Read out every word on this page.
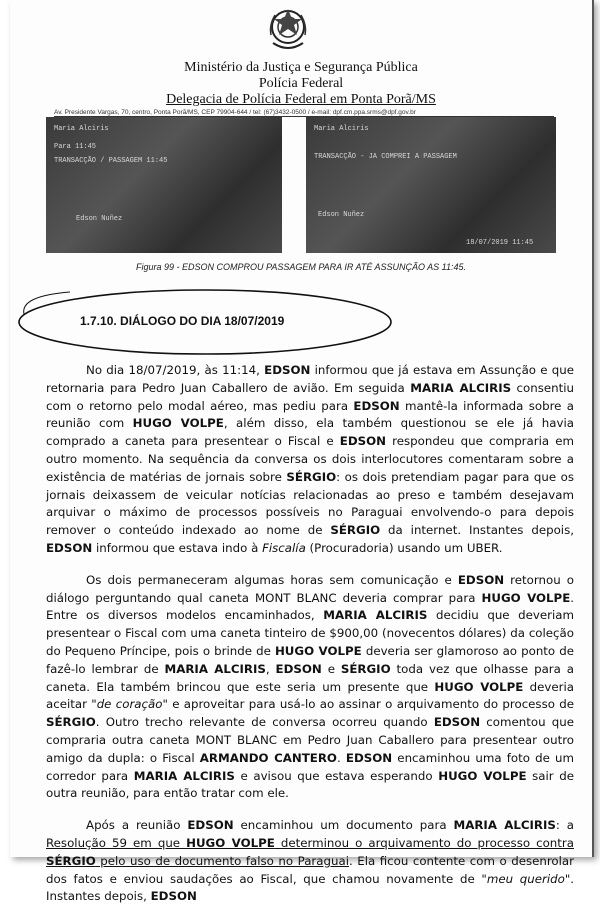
Ministério da Justiça e Segurança Pública
Polícia Federal
Delegacia de Polícia Federal em Ponta Porã/MS
Av. Presidente Vargas, 70, centro, Ponta Porã/MS, CEP 79904-644 / tel: (67)3432-0500 / e-mail: dpf.cm.ppa.srms@dpf.gov.br
Maria Alciris
Para 11:45
TRANSACÇÃO / PASSAGEM 11:45
Edson Nuñez
Maria Alciris
TRANSACÇÃO - JA COMPREI A PASSAGEM
Edson Nuñez
18/07/2019 11:45
Figura 99 - EDSON COMPROU PASSAGEM PARA IR ATÉ ASSUNÇÃO AS 11:45.
1.7.10. DIÁLOGO DO DIA 18/07/2019

No dia 18/07/2019, às 11:14, EDSON informou que já estava em Assunção e que retornaria para Pedro Juan Caballero de avião. Em seguida MARIA ALCIRIS consentiu com o retorno pelo modal aéreo, mas pediu para EDSON mantê-la informada sobre a reunião com HUGO VOLPE, além disso, ela também questionou se ele já havia comprado a caneta para presentear o Fiscal e EDSON respondeu que compraria em outro momento. Na sequência da conversa os dois interlocutores comentaram sobre a existência de matérias de jornais sobre SÉRGIO: os dois pretendiam pagar para que os jornais deixassem de veicular notícias relacionadas ao preso e também desejavam arquivar o máximo de processos possíveis no Paraguai envolvendo-o para depois remover o conteúdo indexado ao nome de SÉRGIO da internet. Instantes depois, EDSON informou que estava indo à Fiscalía (Procuradoria) usando um UBER.

Os dois permaneceram algumas horas sem comunicação e EDSON retornou o diálogo perguntando qual caneta MONT BLANC deveria comprar para HUGO VOLPE. Entre os diversos modelos encaminhados, MARIA ALCIRIS decidiu que deveriam presentear o Fiscal com uma caneta tinteiro de $900,00 (novecentos dólares) da coleção do Pequeno Príncipe, pois o brinde de HUGO VOLPE deveria ser glamoroso ao ponto de fazê-lo lembrar de MARIA ALCIRIS, EDSON e SÉRGIO toda vez que olhasse para a caneta. Ela também brincou que este seria um presente que HUGO VOLPE deveria aceitar "de coração" e aproveitar para usá-lo ao assinar o arquivamento do processo de SÉRGIO. Outro trecho relevante de conversa ocorreu quando EDSON comentou que compraria outra caneta MONT BLANC em Pedro Juan Caballero para presentear outro amigo da dupla: o Fiscal ARMANDO CANTERO. EDSON encaminhou uma foto de um corredor para MARIA ALCIRIS e avisou que estava esperando HUGO VOLPE sair de outra reunião, para então tratar com ele.

Após a reunião EDSON encaminhou um documento para MARIA ALCIRIS: a Resolução 59 em que HUGO VOLPE determinou o arquivamento do processo contra SÉRGIO pelo uso de documento falso no Paraguai. Ela ficou contente com o desenrolar dos fatos e enviou saudações ao Fiscal, que chamou novamente de "meu querido". Instantes depois, EDSON
